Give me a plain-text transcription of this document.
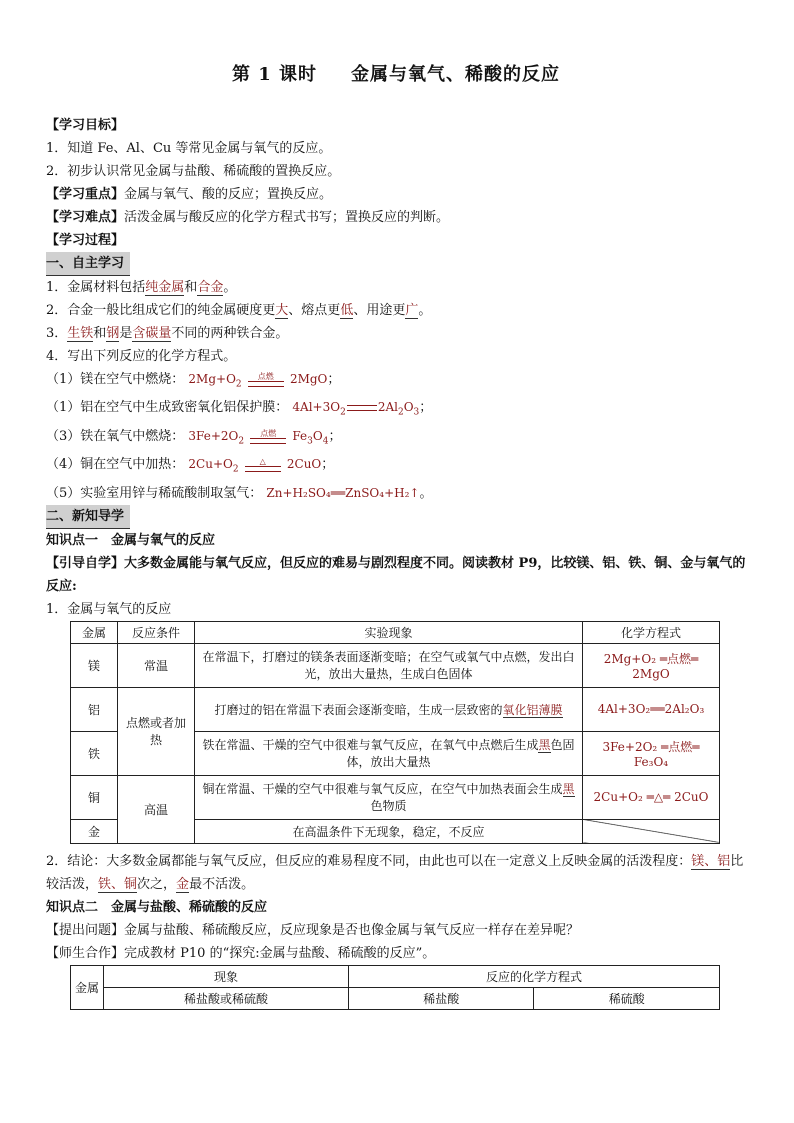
第 1 课时 金属与氧气、稀酸的反应
【学习目标】
1．知道 Fe、Al、Cu 等常见金属与氧气的反应。
2．初步认识常见金属与盐酸、稀硫酸的置换反应。
【学习重点】金属与氧气、酸的反应；置换反应。
【学习难点】活泼金属与酸反应的化学方程式书写；置换反应的判断。
【学习过程】
一、自主学习
1．金属材料包括纯金属和合金。
2．合金一般比组成它们的纯金属硬度更大、熔点更低、用途更广。
3．生铁和钢是含碳量不同的两种铁合金。
4．写出下列反应的化学方程式。
（1）镁在空气中燃烧： $2Mg+O_2$
点燃 2MgO；
（1）铝在空气中生成致密氧化铝保护膜： $4Al+3O_2$	$2Al_2O_3$；
（3）铁在氧气中燃烧： $3Fe+2O_2$
点燃 $Fe_3O_4$；
（4）铜在空气中加热： $2Cu+O_2$
△ 2CuO；
（5）实验室用锌与稀硫酸制取氢气： Zn+H₂SO₄══ZnSO₄+H₂↑。
二、新知导学
知识点一　金属与氧气的反应
【引导自学】大多数金属能与氧气反应，但反应的难易与剧烈程度不同。阅读教材 P9，比较镁、铝、铁、铜、金与氧气的反应:
1．金属与氧气的反应
金属	反应条件	实验现象	化学方程式
镁	常温	在常温下，打磨过的镁条表面逐渐变暗；在空气或氧气中点燃，发出白光，放出大量热，生成白色固体	2Mg+O₂ ═点燃═ 2MgO
铝	点燃或者加热	打磨过的铝在常温下表面会逐渐变暗，生成一层致密的氧化铝薄膜	4Al+3O₂══2Al₂O₃
铁		铁在常温、干燥的空气中很难与氧气反应，在氧气中点燃后生成黑色固体，放出大量热	3Fe+2O₂ ═点燃═ Fe₃O₄
铜	高温	铜在常温、干燥的空气中很难与氧气反应，在空气中加热表面会生成黑色物质	2Cu+O₂ ═△═ 2CuO
金		在高温条件下无现象，稳定，不反应	
2．结论：大多数金属都能与氧气反应，但反应的难易程度不同，由此也可以在一定意义上反映金属的活泼程度：镁、铝比较活泼，铁、铜次之，金最不活泼。
知识点二　金属与盐酸、稀硫酸的反应
【提出问题】金属与盐酸、稀硫酸反应，反应现象是否也像金属与氧气反应一样存在差异呢？
【师生合作】完成教材 P10 的“探究:金属与盐酸、稀硫酸的反应”。
金属	现象	反应的化学方程式	
	稀盐酸或稀硫酸	稀盐酸	稀硫酸
